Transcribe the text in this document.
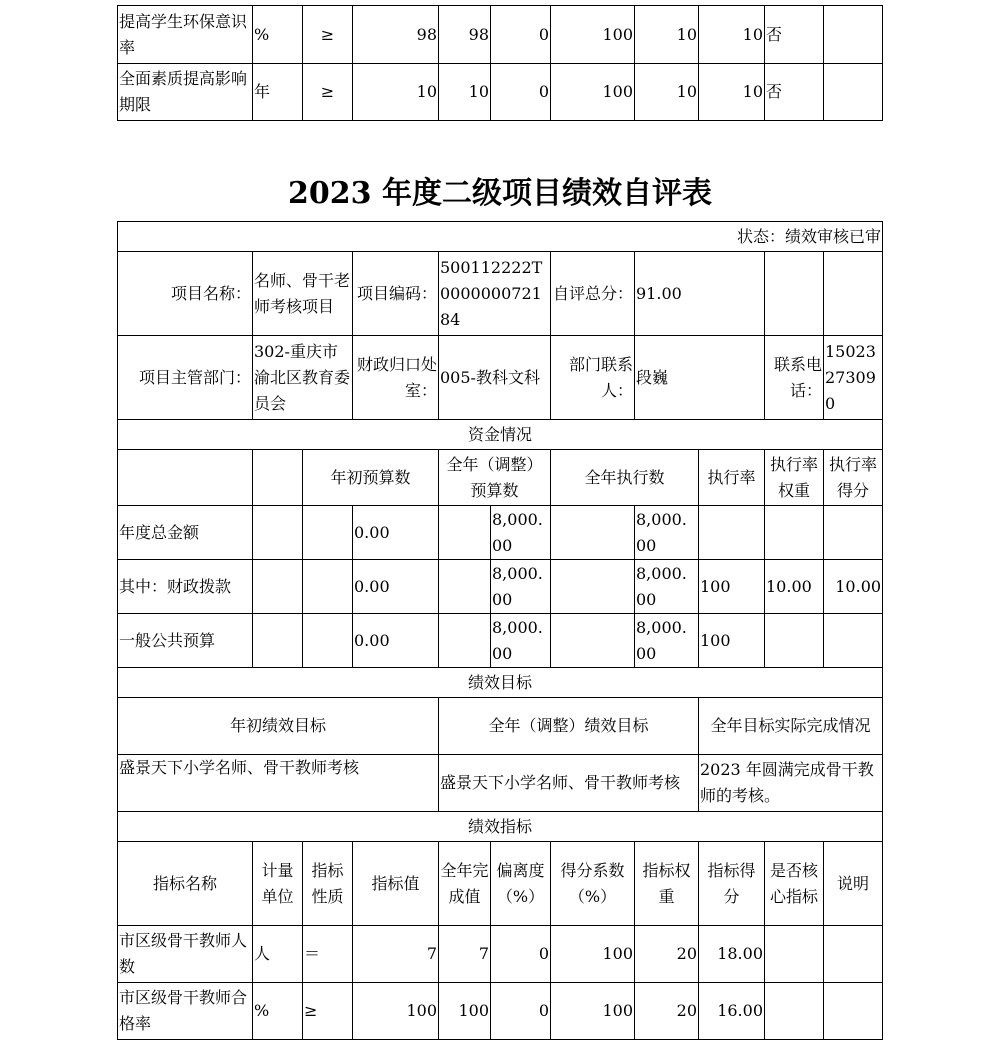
提高学生环保意识率	%	≥	98	98	0	100	10	10	否	
全面素质提高影响期限	年	≥	10	10	0	100	10	10	否	
2023 年度二级项目绩效自评表
状态：绩效审核已审										
项目名称：	名师、骨干老师考核项目		项目编码：	500112222T000000072184		自评总分：	91.00			
项目主管部门：	302-重庆市渝北区教育委员会		财政归口处室：	005-教科文科		部门联系人：	段巍		联系电话：	15023273090
资金情况										
		年初预算数		全年（调整）预算数		全年执行数		执行率	执行率权重	执行率得分
年度总金额			0.00		8,000.00		8,000.00			
其中：财政拨款			0.00		8,000.00		8,000.00	100	10.00	10.00
一般公共预算			0.00		8,000.00		8,000.00	100		
绩效目标										
年初绩效目标				全年（调整）绩效目标				全年目标实际完成情况		
盛景天下小学名师、骨干教师考核				盛景天下小学名师、骨干教师考核				2023 年圆满完成骨干教师的考核。		
绩效指标										
指标名称	计量单位	指标性质	指标值	全年完成值	偏离度（%）	得分系数（%）	指标权重	指标得分	是否核心指标	说明
市区级骨干教师人数	人	＝	7	7	0	100	20	18.00		
市区级骨干教师合格率	%	≥	100	100	0	100	20	16.00		
